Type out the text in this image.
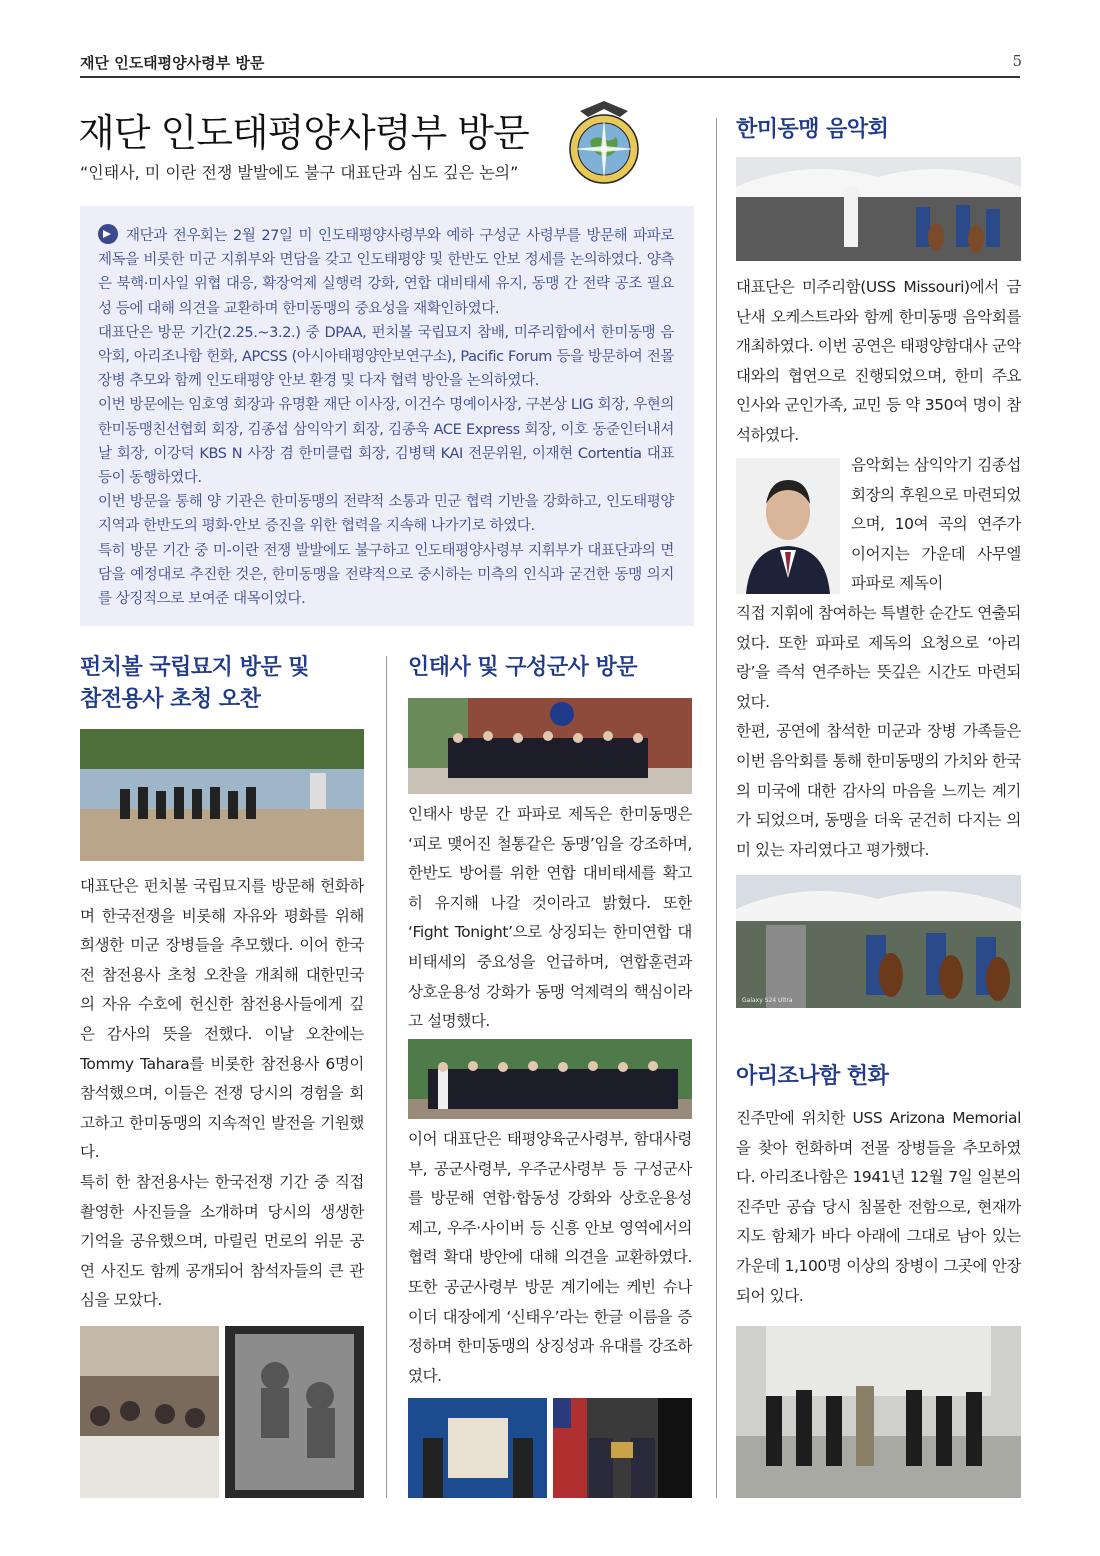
재단 인도태평양사령부 방문	5
재단 인도태평양사령부 방문
“인태사, 미 이란 전쟁 발발에도 불구 대표단과 심도 깊은 논의”

재단과 전우회는 2월 27일 미 인도태평양사령부와 예하 구성군 사령부를 방문해 파파로 제독을 비롯한 미군 지휘부와 면담을 갖고 인도태평양 및 한반도 안보 정세를 논의하였다. 양측은 북핵·미사일 위협 대응, 확장억제 실행력 강화, 연합 대비태세 유지, 동맹 간 전략 공조 필요성 등에 대해 의견을 교환하며 한미동맹의 중요성을 재확인하였다.

대표단은 방문 기간(2.25.~3.2.) 중 DPAA, 펀치볼 국립묘지 참배, 미주리함에서 한미동맹 음악회, 아리조나함 헌화, APCSS (아시아태평양안보연구소), Pacific Forum 등을 방문하여 전몰 장병 추모와 함께 인도태평양 안보 환경 및 다자 협력 방안을 논의하였다.

이번 방문에는 임호영 회장과 유명환 재단 이사장, 이건수 명예이사장, 구본상 LIG 회장, 우현의 한미동맹친선협회 회장, 김종섭 삼익악기 회장, 김종욱 ACE Express 회장, 이호 동준인터내셔날 회장, 이강덕 KBS N 사장 겸 한미클럽 회장, 김병택 KAI 전문위원, 이재현 Cortentia 대표 등이 동행하였다.

이번 방문을 통해 양 기관은 한미동맹의 전략적 소통과 민군 협력 기반을 강화하고, 인도태평양 지역과 한반도의 평화·안보 증진을 위한 협력을 지속해 나가기로 하였다.

특히 방문 기간 중 미-이란 전쟁 발발에도 불구하고 인도태평양사령부 지휘부가 대표단과의 면담을 예정대로 추진한 것은, 한미동맹을 전략적으로 중시하는 미측의 인식과 굳건한 동맹 의지를 상징적으로 보여준 대목이었다.

펀치볼 국립묘지 방문 및
참전용사 초청 오찬

대표단은 펀치볼 국립묘지를 방문해 헌화하며 한국전쟁을 비롯해 자유와 평화를 위해 희생한 미군 장병들을 추모했다. 이어 한국전 참전용사 초청 오찬을 개최해 대한민국의 자유 수호에 헌신한 참전용사들에게 깊은 감사의 뜻을 전했다. 이날 오찬에는 Tommy Tahara를 비롯한 참전용사 6명이 참석했으며, 이들은 전쟁 당시의 경험을 회고하고 한미동맹의 지속적인 발전을 기원했다.

특히 한 참전용사는 한국전쟁 기간 중 직접 촬영한 사진들을 소개하며 당시의 생생한 기억을 공유했으며, 마릴린 먼로의 위문 공연 사진도 함께 공개되어 참석자들의 큰 관심을 모았다.

인태사 및 구성군사 방문
인태사 방문 간 파파로 제독은 한미동맹은 ‘피로 맺어진 철통같은 동맹’임을 강조하며, 한반도 방어를 위한 연합 대비태세를 확고히 유지해 나갈 것이라고 밝혔다. 또한 ‘Fight Tonight’으로 상징되는 한미연합 대비태세의 중요성을 언급하며, 연합훈련과 상호운용성 강화가 동맹 억제력의 핵심이라고 설명했다.
이어 대표단은 태평양육군사령부, 함대사령부, 공군사령부, 우주군사령부 등 구성군사를 방문해 연합·합동성 강화와 상호운용성 제고, 우주·사이버 등 신흥 안보 영역에서의 협력 확대 방안에 대해 의견을 교환하였다. 또한 공군사령부 방문 계기에는 케빈 슈나이더 대장에게 ‘신태우’라는 한글 이름을 증정하며 한미동맹의 상징성과 유대를 강조하였다.
한미동맹 음악회
대표단은 미주리함(USS Missouri)에서 금난새 오케스트라와 함께 한미동맹 음악회를 개최하였다. 이번 공연은 태평양함대사 군악대와의 협연으로 진행되었으며, 한미 주요 인사와 군인가족, 교민 등 약 350여 명이 참석하였다.
음악회는 삼익악기 김종섭 회장의 후원으로 마련되었으며, 10여 곡의 연주가 이어지는 가운데 사무엘 파파로 제독이

직접 지휘에 참여하는 특별한 순간도 연출되었다. 또한 파파로 제독의 요청으로 ‘아리랑’을 즉석 연주하는 뜻깊은 시간도 마련되었다.

한편, 공연에 참석한 미군과 장병 가족들은 이번 음악회를 통해 한미동맹의 가치와 한국의 미국에 대한 감사의 마음을 느끼는 계기가 되었으며, 동맹을 더욱 굳건히 다지는 의미 있는 자리였다고 평가했다.

Galaxy S24 Ultra
아리조나함 헌화
진주만에 위치한 USS Arizona Memorial을 찾아 헌화하며 전몰 장병들을 추모하였다. 아리조나함은 1941년 12월 7일 일본의 진주만 공습 당시 침몰한 전함으로, 현재까지도 함체가 바다 아래에 그대로 남아 있는 가운데 1,100명 이상의 장병이 그곳에 안장되어 있다.
